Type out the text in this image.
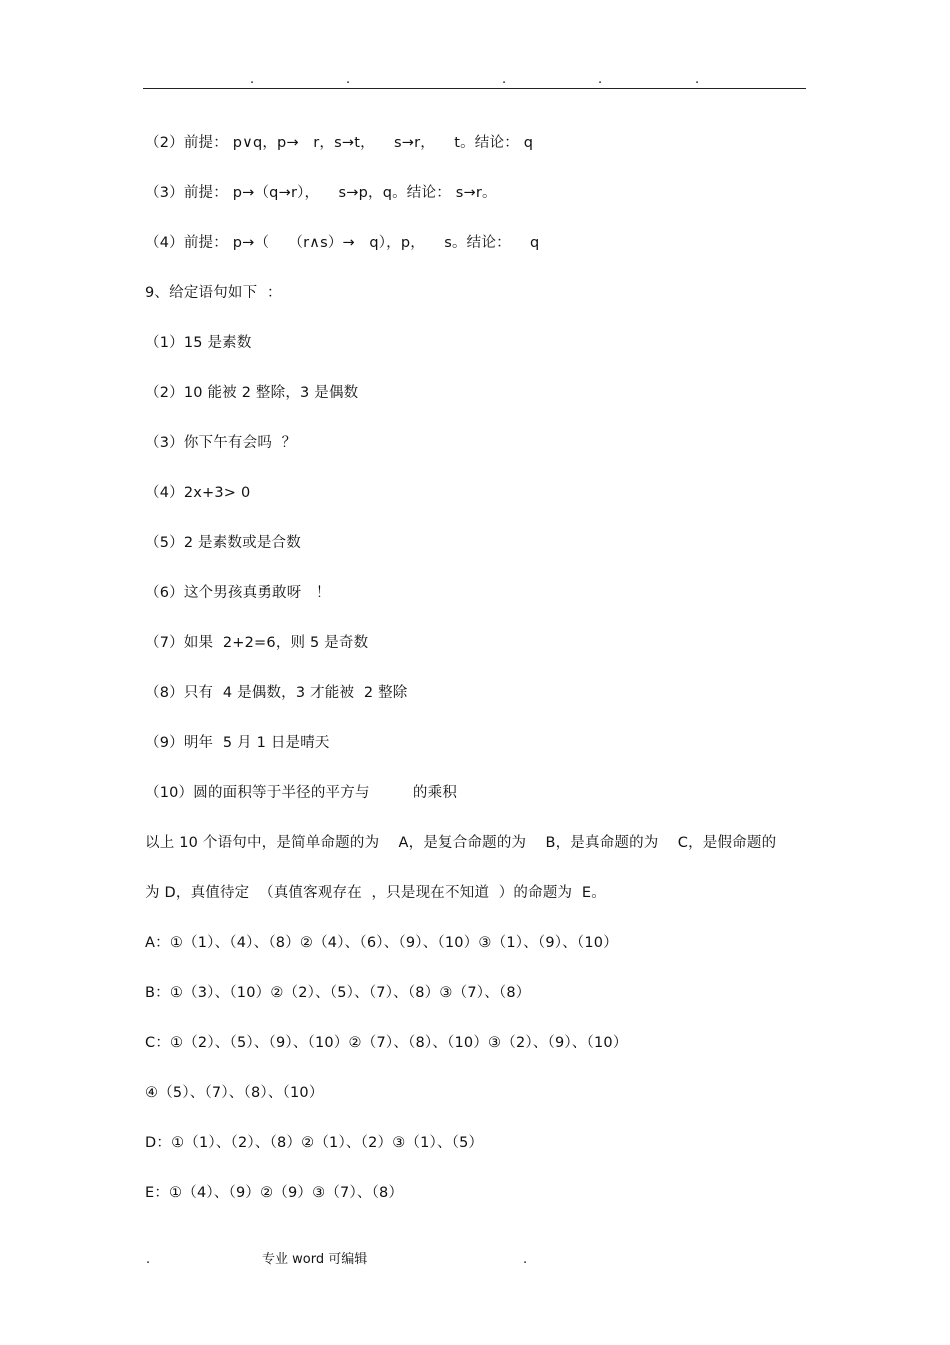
.	.	.	.	.
（2）前提： p∨q，p→   r，s→t，    s→r，    t。结论： q
（3）前提： p→（q→r），    s→p，q。结论： s→r。
（4）前提： p→（    （r∧s）→   q），p，    s。结论：    q
9、给定语句如下  ：
（1）15 是素数
（2）10 能被 2 整除，3 是偶数
（3）你下午有会吗  ？
（4）2x+3> 0
（5）2 是素数或是合数
（6）这个男孩真勇敢呀   ！
（7）如果  2+2=6，则 5 是奇数
（8）只有  4 是偶数，3 才能被  2 整除
（9）明年  5 月 1 日是晴天
（10）圆的面积等于半径的平方与         的乘积
以上 10 个语句中，是简单命题的为    A，是复合命题的为    B，是真命题的为    C，是假命题的
为 D，真值待定  （真值客观存在  ，只是现在不知道  ）的命题为  E。
A：①（1）、（4）、（8）②（4）、（6）、（9）、（10）③（1）、（9）、（10）
B：①（3）、（10）②（2）、（5）、（7）、（8）③（7）、（8）
C：①（2）、（5）、（9）、（10）②（7）、（8）、（10）③（2）、（9）、（10）
④（5）、（7）、（8）、（10）
D：①（1）、（2）、（8）②（1）、（2）③（1）、（5）
E：①（4）、（9）②（9）③（7）、（8）
.	专业 word 可编辑	.
